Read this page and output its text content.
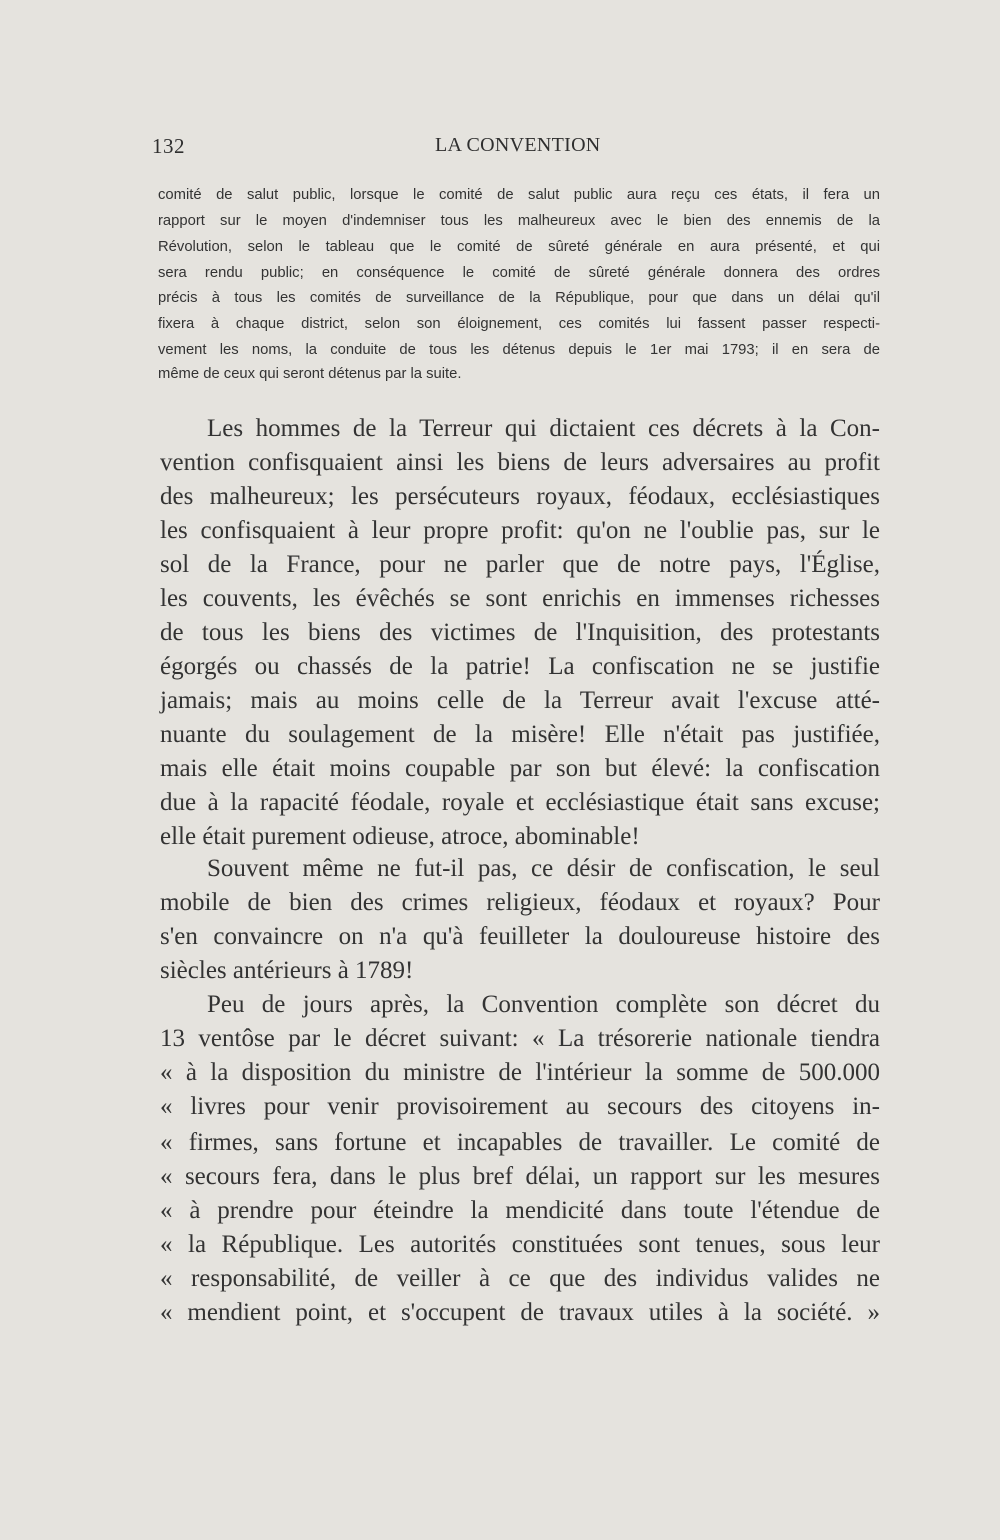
132	LA CONVENTION
comité de salut public, lorsque le comité de salut public aura reçu ces états, il fera un
rapport sur le moyen d'indemniser tous les malheureux avec le bien des ennemis de la
Révolution, selon le tableau que le comité de sûreté générale en aura présenté, et qui
sera rendu public; en conséquence le comité de sûreté générale donnera des ordres
précis à tous les comités de surveillance de la République, pour que dans un délai qu'il
fixera à chaque district, selon son éloignement, ces comités lui fassent passer respecti-
vement les noms, la conduite de tous les détenus depuis le 1er mai 1793; il en sera de
même de ceux qui seront détenus par la suite.
Les hommes de la Terreur qui dictaient ces décrets à la Con-
vention confisquaient ainsi les biens de leurs adversaires au profit
des malheureux; les persécuteurs royaux, féodaux, ecclésiastiques
les confisquaient à leur propre profit: qu'on ne l'oublie pas, sur le
sol de la France, pour ne parler que de notre pays, l'Église,
les couvents, les évêchés se sont enrichis en immenses richesses
de tous les biens des victimes de l'Inquisition, des protestants
égorgés ou chassés de la patrie! La confiscation ne se justifie
jamais; mais au moins celle de la Terreur avait l'excuse atté-
nuante du soulagement de la misère! Elle n'était pas justifiée,
mais elle était moins coupable par son but élevé: la confiscation
due à la rapacité féodale, royale et ecclésiastique était sans excuse;
elle était purement odieuse, atroce, abominable!
Souvent même ne fut-il pas, ce désir de confiscation, le seul
mobile de bien des crimes religieux, féodaux et royaux? Pour
s'en convaincre on n'a qu'à feuilleter la douloureuse histoire des
siècles antérieurs à 1789!
Peu de jours après, la Convention complète son décret du
13 ventôse par le décret suivant: « La trésorerie nationale tiendra
« à la disposition du ministre de l'intérieur la somme de 500.000
« livres pour venir provisoirement au secours des citoyens in-
« firmes, sans fortune et incapables de travailler. Le comité de
« secours fera, dans le plus bref délai, un rapport sur les mesures
« à prendre pour éteindre la mendicité dans toute l'étendue de
« la République. Les autorités constituées sont tenues, sous leur
« responsabilité, de veiller à ce que des individus valides ne
« mendient point, et s'occupent de travaux utiles à la société. »
